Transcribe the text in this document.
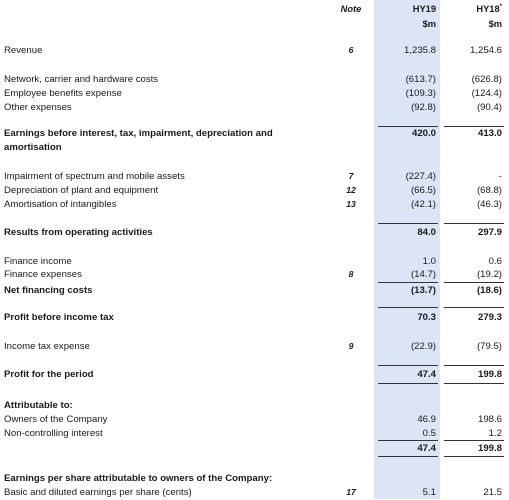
Note	HY19
$m
HY18*
$m
Revenue	6	1,235.8	1,254.6
Network, carrier and hardware costs	(613.7)	(626.8)
Employee benefits expense	(109.3)	(124.4)
Other expenses	(92.8)	(90.4)
Earnings before interest, tax, impairment, depreciation and	420.0	413.0
amortisation
Impairment of spectrum and mobile assets	7	(227.4)	-
Depreciation of plant and equipment	12	(66.5)	(68.8)
Amortisation of intangibles	13	(42.1)	(46.3)
Results from operating activities	84.0	297.9
Finance income	1.0	0.6
Finance expenses	8	(14.7)	(19.2)
Net financing costs	(13.7)	(18.6)
Profit before income tax	70.3	279.3
Income tax expense	9	(22.9)	(79.5)
Profit for the period	47.4	199.8
Attributable to:
Owners of the Company	46.9	198.6
Non-controlling interest	0.5	1.2
47.4	199.8
Earnings per share attributable to owners of the Company:
Basic and diluted earnings per share (cents)	17	5.1	21.5
